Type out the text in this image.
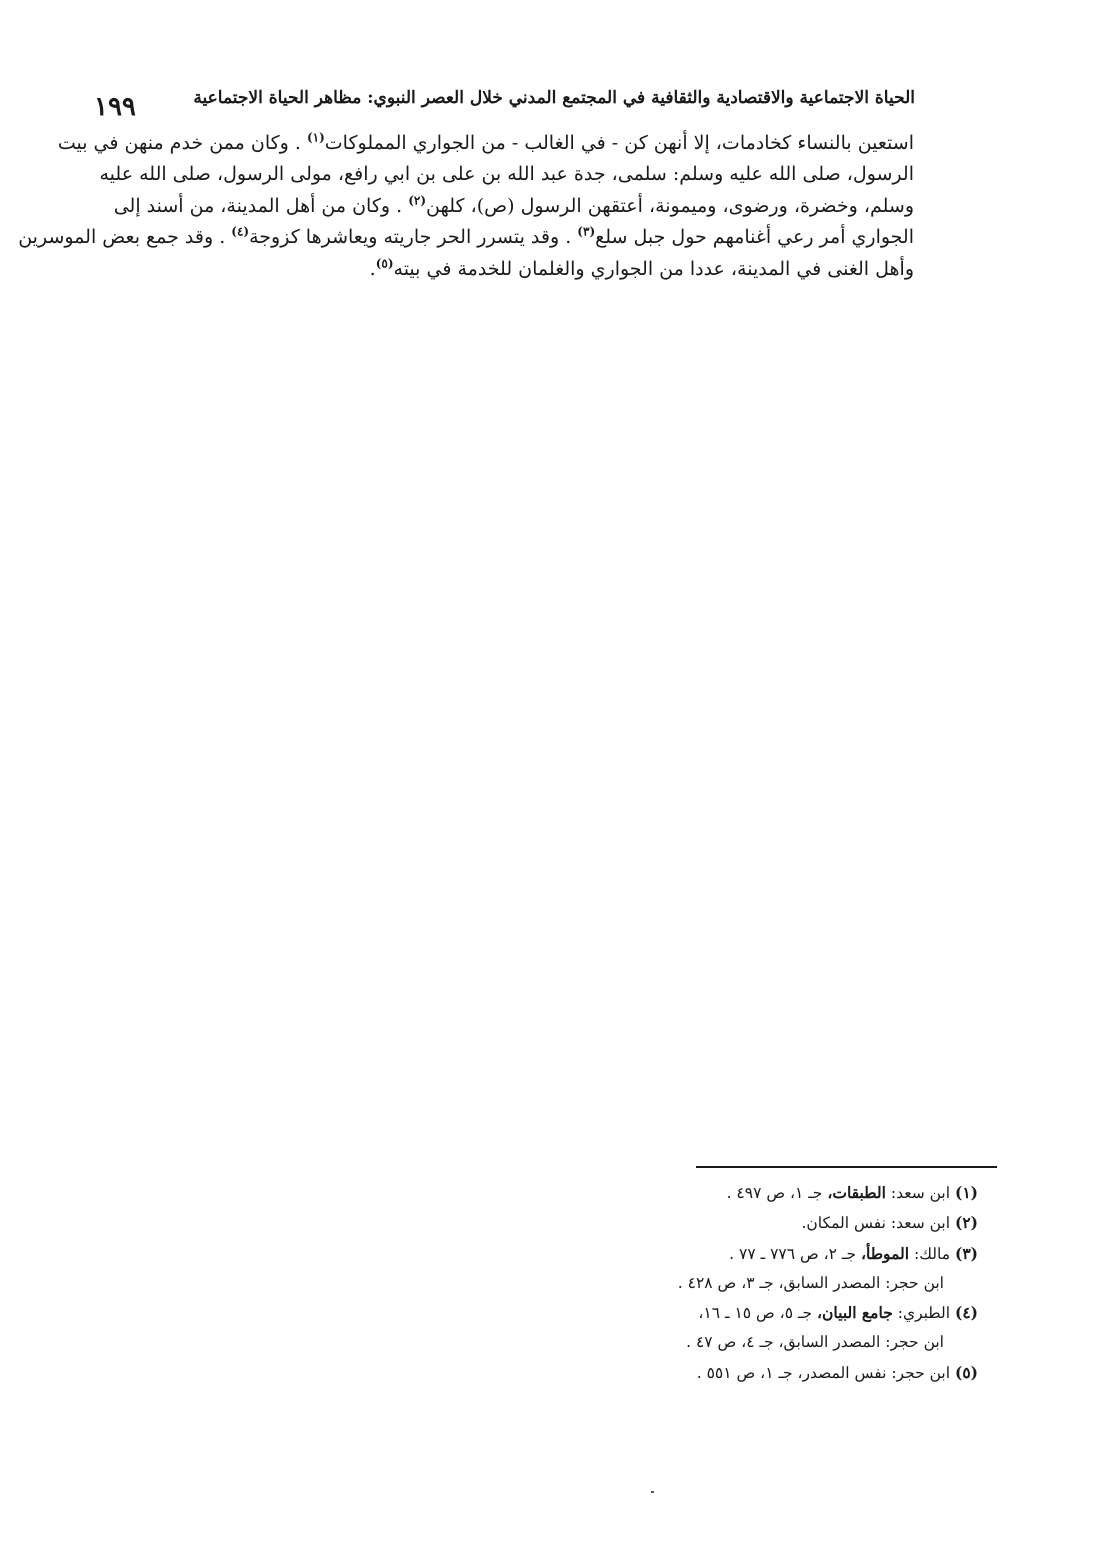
١٩٩	الحياة الاجتماعية والاقتصادية والثقافية في المجتمع المدني خلال العصر النبوي: مظاهر الحياة الاجتماعية
استعين بالنساء كخادمات، إلا أنهن كن - في الغالب - من الجواري المملوكات$^{(١)}$ . وكان ممن خدم منهن في بيت
الرسول، صلى الله عليه وسلم: سلمى، جدة عبد الله بن على بن ابي رافع، مولى الرسول، صلى الله عليه
وسلم، وخضرة، ورضوى، وميمونة، أعتقهن الرسول (ص)، كلهن$^{(٢)}$ . وكان من أهل المدينة، من أسند إلى
الجواري أمر رعي أغنامهم حول جبل سلع$^{(٣)}$ . وقد يتسرر الحر جاريته ويعاشرها كزوجة$^{(٤)}$ . وقد جمع بعض الموسرين
وأهل الغنى في المدينة، عددا من الجواري والغلمان للخدمة في بيته$^{(٥)}$.
(١) ابن سعد: الطبقات، جـ ١، ص ٤٩٧ .
(٢) ابن سعد: نفس المكان.
(٣) مالك: الموطأ، جـ ٢، ص ٧٧٦ ـ ٧٧ .
ابن حجر: المصدر السابق، جـ ٣، ص ٤٢٨ .
(٤) الطبري: جامع البيان، جـ ٥، ص ١٥ ـ ١٦،
ابن حجر: المصدر السابق، جـ ٤، ص ٤٧ .
(٥) ابن حجر: نفس المصدر، جـ ١، ص ٥٥١ .
